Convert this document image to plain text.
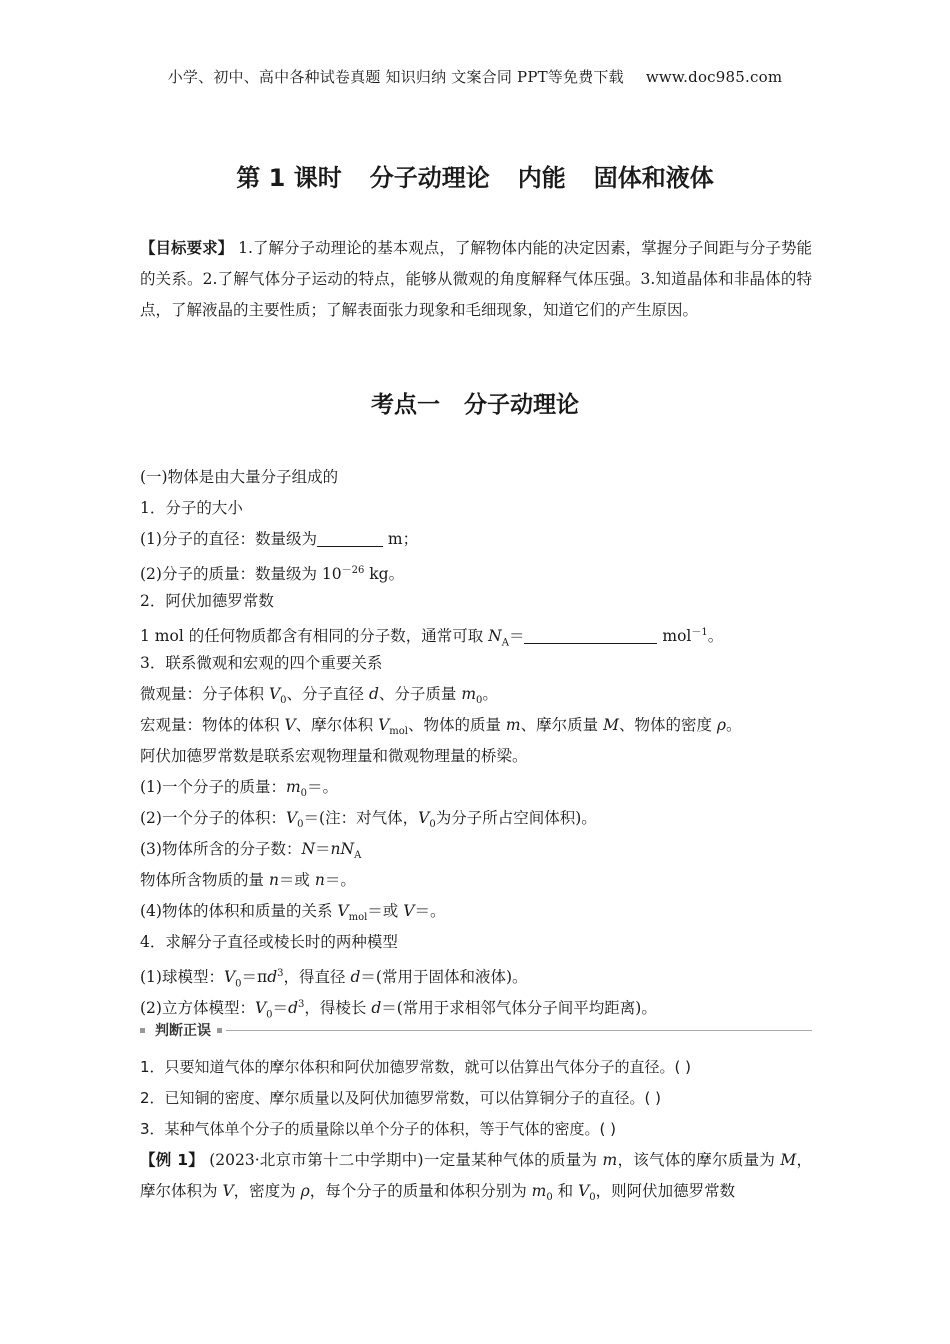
小学、初中、高中各种试卷真题 知识归纳 文案合同 PPT等免费下载 www.doc985.com
第 1 课时 分子动理论 内能 固体和液体
【目标要求】 1.了解分子动理论的基本观点，了解物体内能的决定因素，掌握分子间距与分子势能的关系。2.了解气体分子运动的特点，能够从微观的角度解释气体压强。3.知道晶体和非晶体的特点，了解液晶的主要性质；了解表面张力现象和毛细现象，知道它们的产生原因。
考点一 分子动理论
(一)物体是由大量分子组成的
1．分子的大小
(1)分子的直径：数量级为	m；
(2)分子的质量：数量级为 $10^{-26}$ kg。
2．阿伏加德罗常数
1 mol 的任何物质都含有相同的分子数，通常可取 $N_A=$	mol$^{-1}$。
3．联系微观和宏观的四个重要关系
微观量：分子体积 $V_0$、分子直径 d、分子质量 $m_0$。
宏观量：物体的体积 V、摩尔体积 $V_{mol}$、物体的质量 m、摩尔质量 M、物体的密度 ρ。
阿伏加德罗常数是联系宏观物理量和微观物理量的桥梁。
(1)一个分子的质量：$m_0=$。
(2)一个分子的体积：$V_0=$(注：对气体，$V_0$为分子所占空间体积)。
(3)物体所含的分子数：$N=nN_A$
物体所含物质的量 n＝或 n＝。
(4)物体的体积和质量的关系 $V_{mol}=$或 V＝。
4．求解分子直径或棱长时的两种模型
(1)球模型：$V_0=\pi d^3$，得直径 d＝(常用于固体和液体)。
(2)立方体模型：$V_0=d^3$，得棱长 d＝(常用于求相邻气体分子间平均距离)。
判断正误
1．只要知道气体的摩尔体积和阿伏加德罗常数，就可以估算出气体分子的直径。( )
2．已知铜的密度、摩尔质量以及阿伏加德罗常数，可以估算铜分子的直径。( )
3．某种气体单个分子的质量除以单个分子的体积，等于气体的密度。( )
【例 1】 (2023·北京市第十二中学期中)一定量某种气体的质量为 m，该气体的摩尔质量为 M，摩尔体积为 V，密度为 ρ，每个分子的质量和体积分别为 $m_0$ 和 $V_0$，则阿伏加德罗常数
